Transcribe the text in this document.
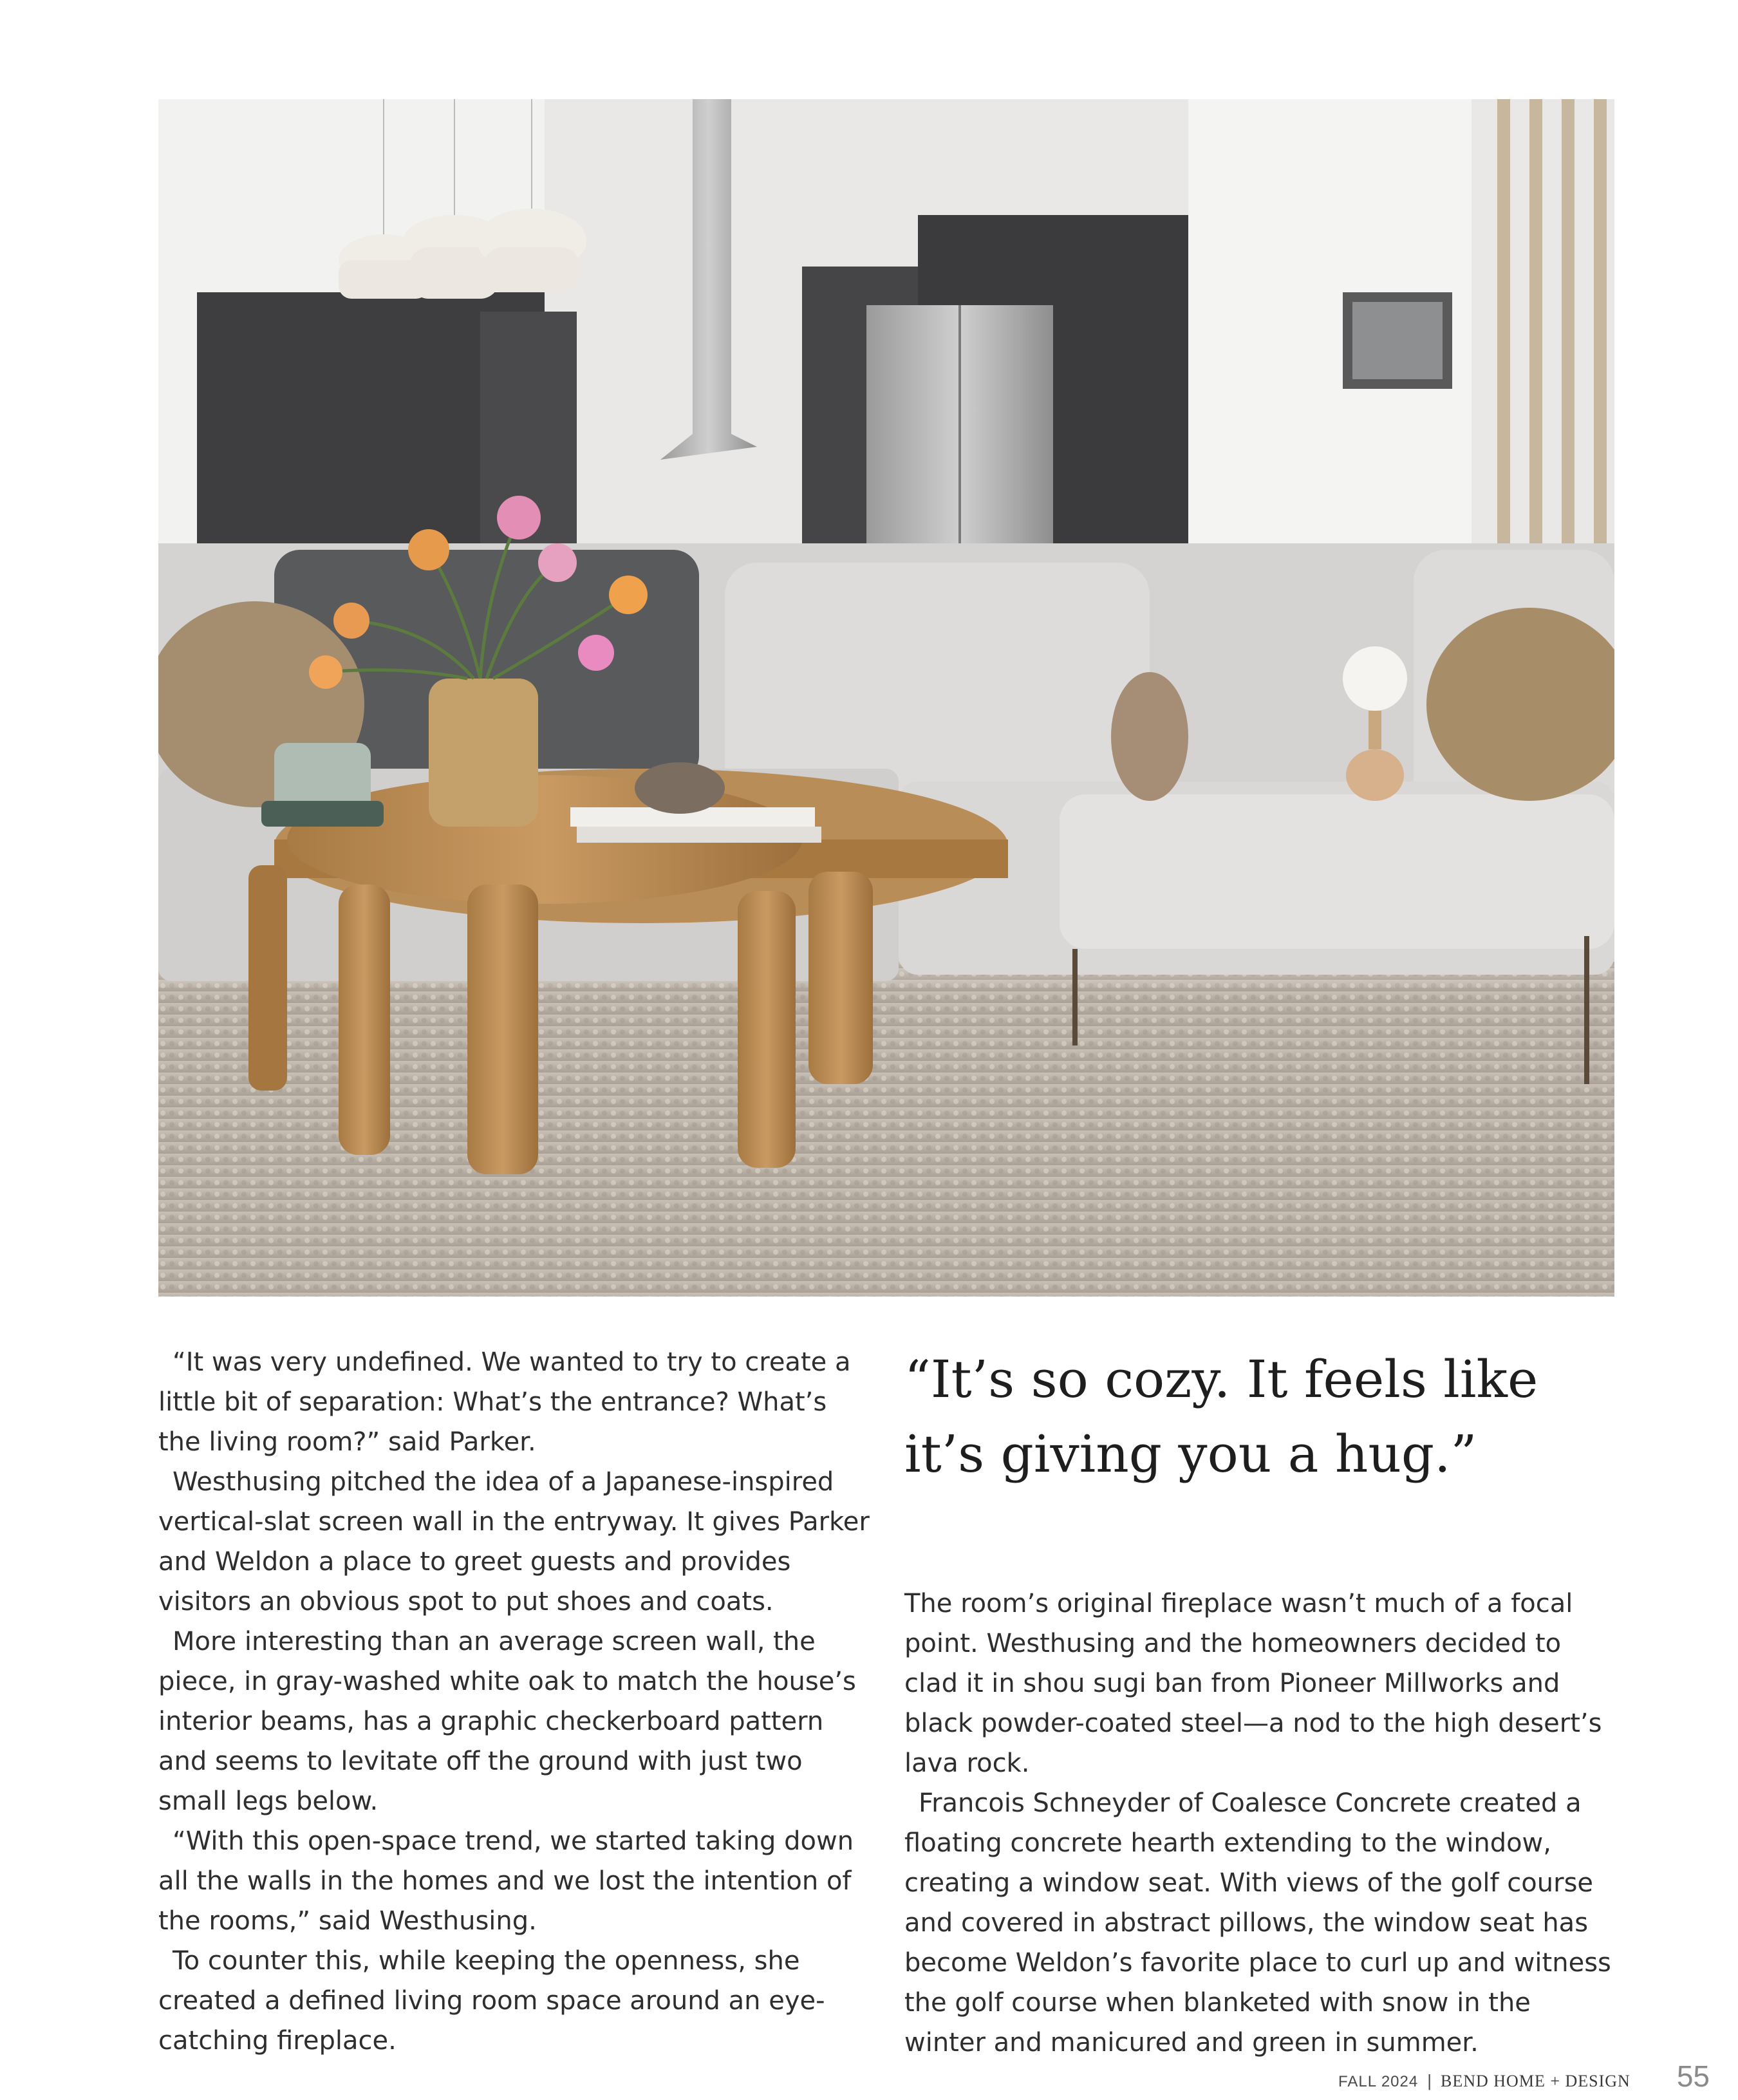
“It was very undefined. We wanted to try to create a little bit of separation: What’s the entrance? What’s the living room?” said Parker.

Westhusing pitched the idea of a Japanese-inspired vertical-slat screen wall in the entryway. It gives Parker and Weldon a place to greet guests and provides visitors an obvious spot to put shoes and coats.

More interesting than an average screen wall, the piece, in gray-washed white oak to match the house’s interior beams, has a graphic checkerboard pattern and seems to levitate off the ground with just two small legs below.

“With this open-space trend, we started taking down all the walls in the homes and we lost the intention of the rooms,” said Westhusing.

To counter this, while keeping the openness, she created a defined living room space around an eye-catching fireplace.

“It’s so cozy. It feels like
it’s giving you a hug.”

The room’s original fireplace wasn’t much of a focal point. Westhusing and the homeowners decided to clad it in shou sugi ban from Pioneer Millworks and black powder-coated steel—a nod to the high desert’s lava rock.

Francois Schneyder of Coalesce Concrete created a floating concrete hearth extending to the window, creating a window seat. With views of the golf course and covered in abstract pillows, the window seat has become Weldon’s favorite place to curl up and witness the golf course when blanketed with snow in the winter and manicured and green in summer.

FALL 2024 | BEND HOME + DESIGN 55
